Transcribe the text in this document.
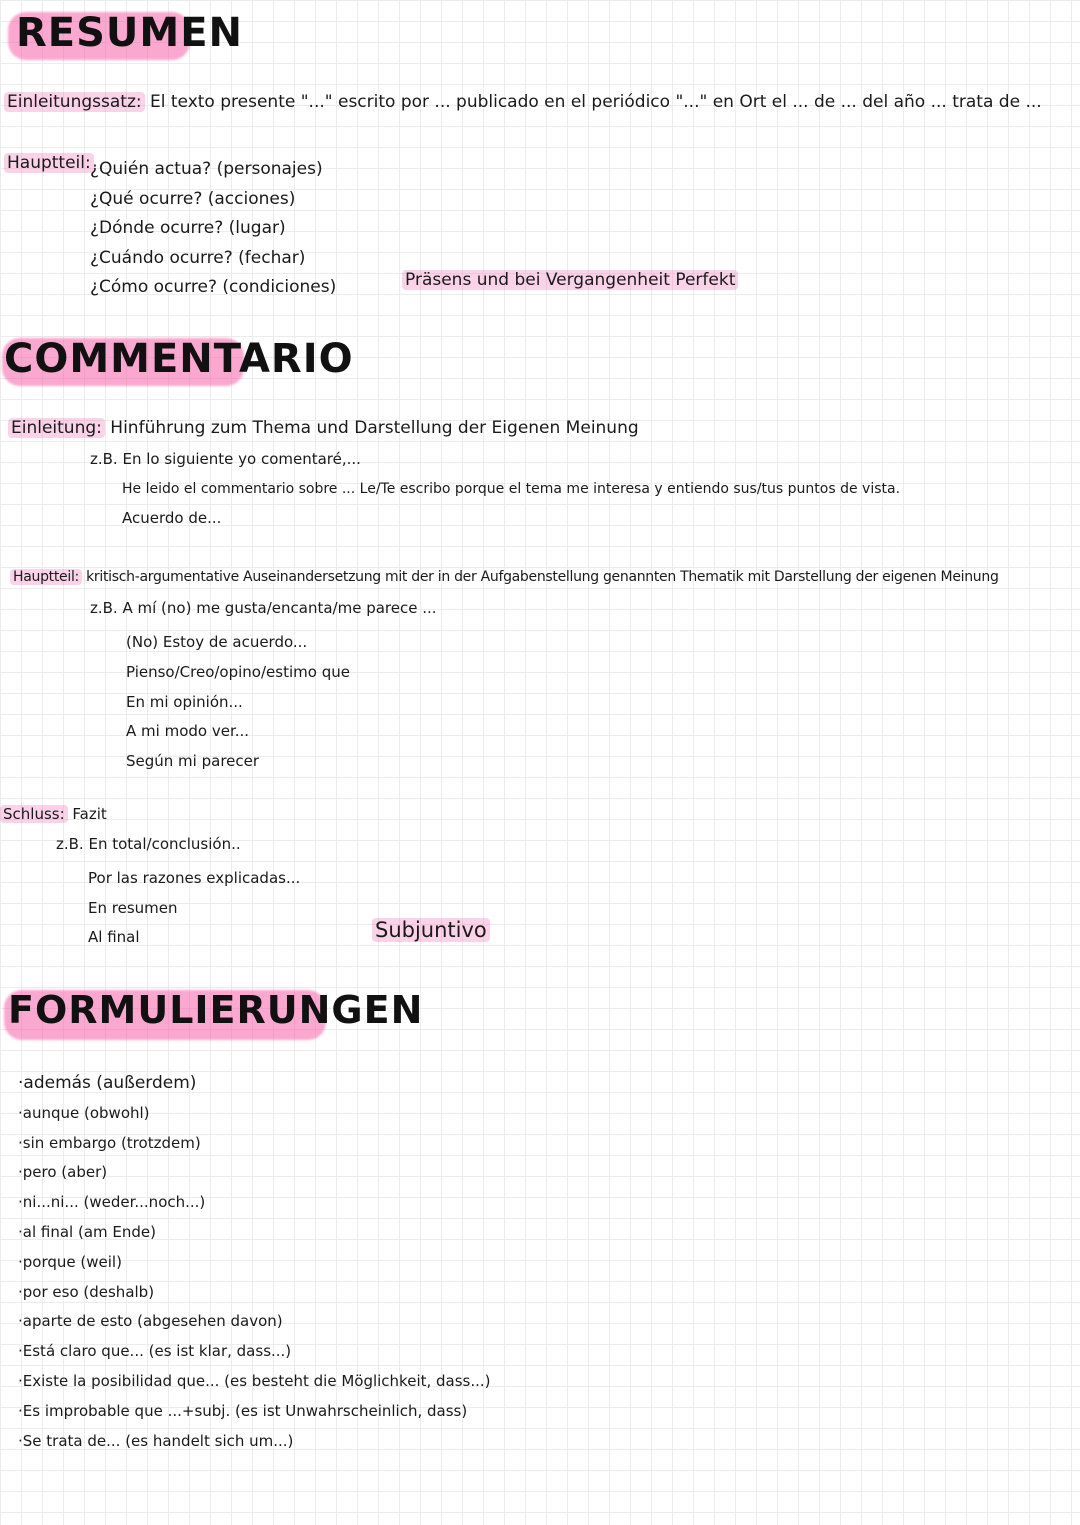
RESUMEN
Einleitungssatz: El texto presente "..." escrito por ... publicado en el periódico "..." en Ort el ... de ... del año ... trata de ...
Hauptteil: ¿Quién actua? (personajes)
¿Qué ocurre? (acciones)
¿Dónde ocurre? (lugar)
¿Cuándo ocurre? (fechar)
¿Cómo ocurre? (condiciones)	Präsens und bei Vergangenheit Perfekt
COMMENTARIO
Einleitung: Hinführung zum Thema und Darstellung der Eigenen Meinung
z.B. En lo siguiente yo comentaré,...
He leido el commentario sobre ... Le/Te escribo porque el tema me interesa y entiendo sus/tus puntos de vista.
Acuerdo de...
Hauptteil: kritisch-argumentative Auseinandersetzung mit der in der Aufgabenstellung genannten Thematik mit Darstellung der eigenen Meinung
z.B. A mí (no) me gusta/encanta/me parece ...
(No) Estoy de acuerdo...
Pienso/Creo/opino/estimo que
En mi opinión...
A mi modo ver...
Según mi parecer
Schluss: Fazit
z.B. En total/conclusión..
Por las razones explicadas...
En resumen
Al final	Subjuntivo
FORMULIERUNGEN
·además (außerdem)
·aunque (obwohl)
·sin embargo (trotzdem)
·pero (aber)
·ni...ni... (weder...noch...)
·al final (am Ende)
·porque (weil)
·por eso (deshalb)
·aparte de esto (abgesehen davon)
·Está claro que... (es ist klar, dass...)
·Existe la posibilidad que... (es besteht die Möglichkeit, dass...)
·Es improbable que ...+subj. (es ist Unwahrscheinlich, dass)
·Se trata de... (es handelt sich um...)
